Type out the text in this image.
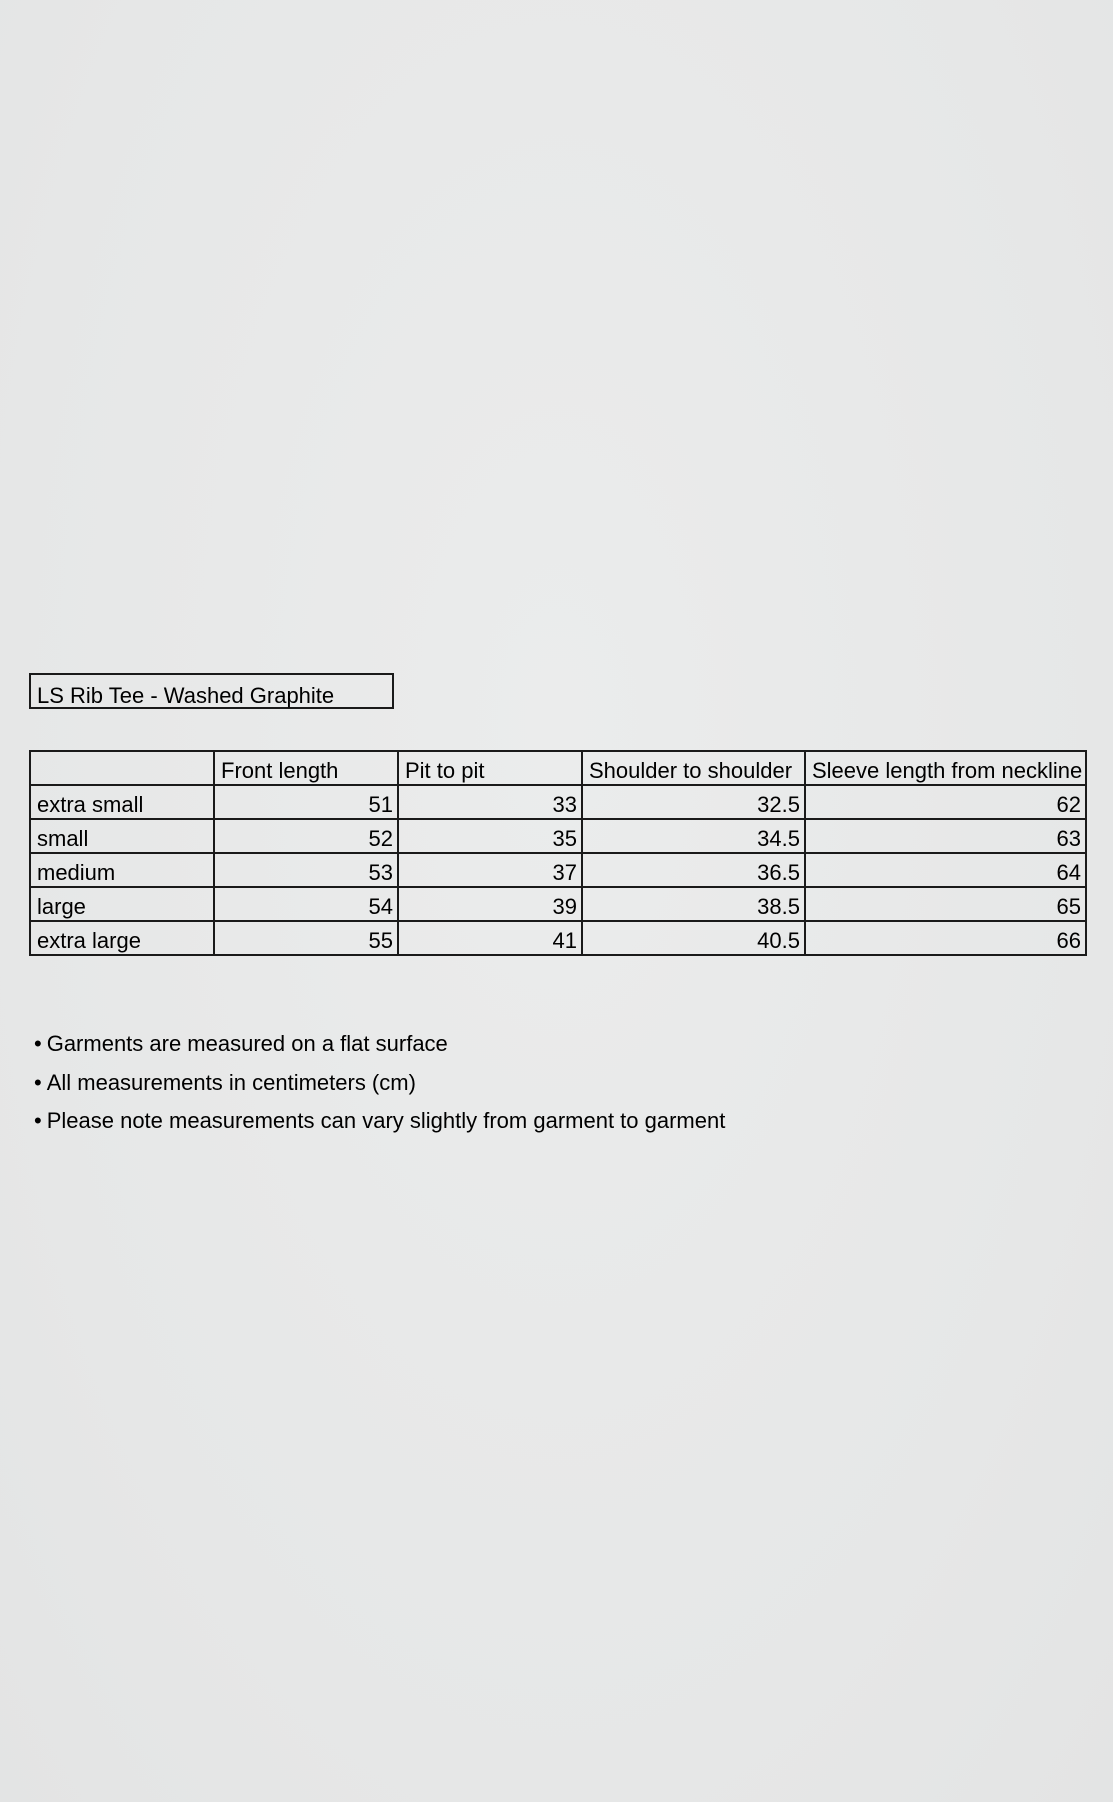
LS Rib Tee - Washed Graphite
	Front length	Pit to pit	Shoulder to shoulder	Sleeve length from neckline
extra small	51	33	32.5	62
small	52	35	34.5	63
medium	53	37	36.5	64
large	54	39	38.5	65
extra large	55	41	40.5	66
• Garments are measured on a flat surface
• All measurements in centimeters (cm)
• Please note measurements can vary slightly from garment to garment
